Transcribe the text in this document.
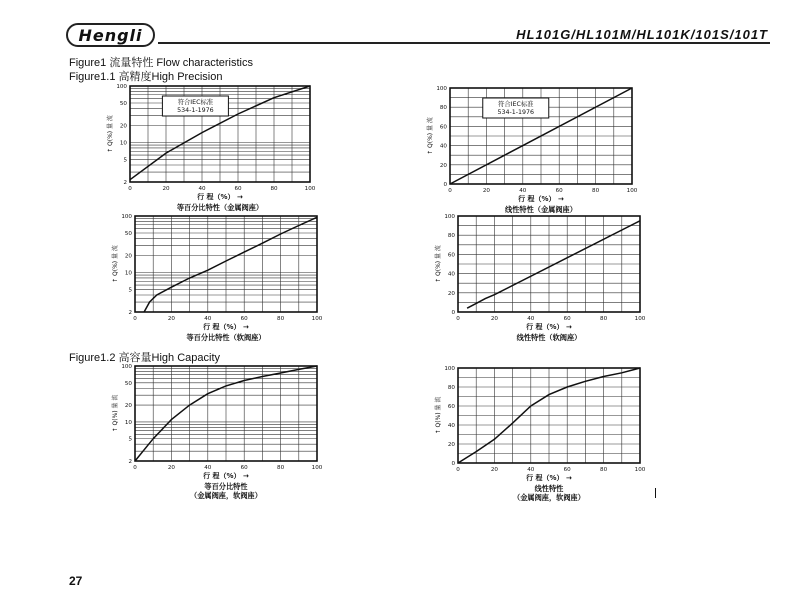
Hengli	HL101G/HL101M/HL101K/101S/101T
Figure1 流量特性 Flow characteristics
Figure1.1 高精度High Precision
Figure1.2 高容量High Capacity
0	20	40	60	80	100
2
5
10
20
50
100
↑ Q(%) 量 流
行 程（%） →
等百分比特性（金属阀座）
符合IEC标准
534-1-1976
0	20	40	60	80	100
0
20
40
60
80
100
↑ Q(%) 量 流
行 程（%） →
线性特性（金属阀座）
符合IEC标准
534-1-1976
0	20	40	60	80	100
2
5
10
20
50
100
↑ Q(%) 量 流
行 程（%） →
等百分比特性（软阀座）
0	20	40	60	80	100
0
20
40
60
80
100
↑ Q(%) 量 流
行 程（%） →
线性特性（软阀座）
0	20	40	60	80	100
2
5
10
20
50
100
↑ Q(%) 量 流
行 程（%） →
等百分比特性
（金属阀座，软阀座）
0	20	40	60	80	100
0
20
40
60
80
100
↑ Q(%) 量 流
行 程（%） →
线性特性
（金属阀座，软阀座）
27
